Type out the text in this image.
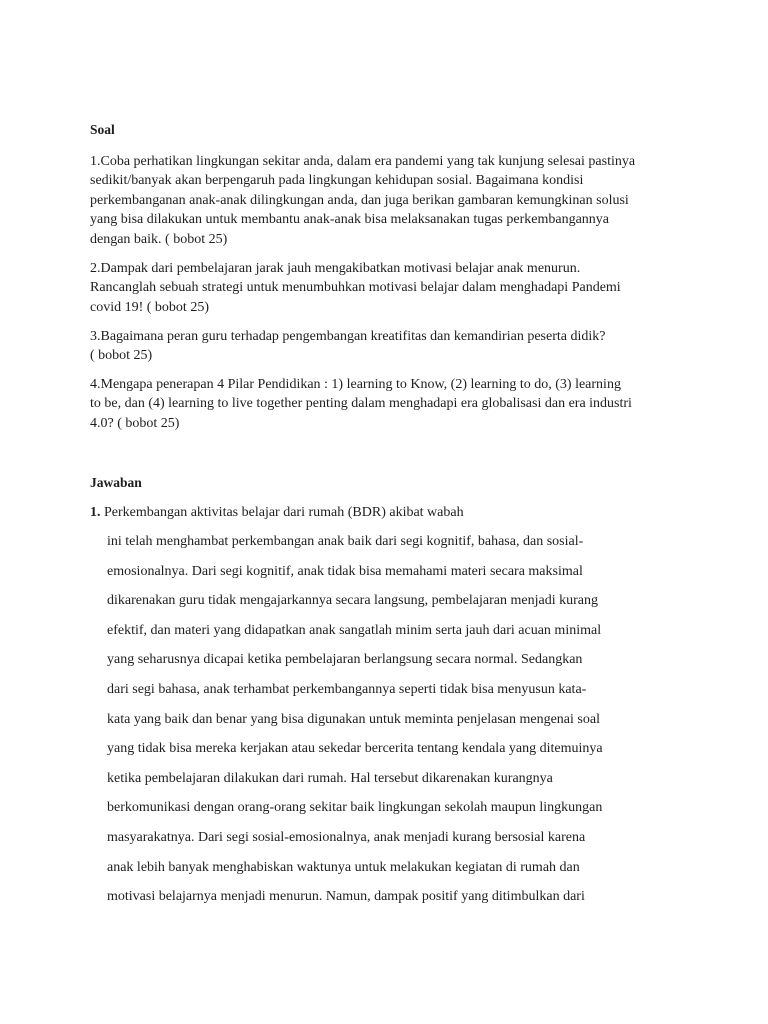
Soal

1.Coba perhatikan lingkungan sekitar anda, dalam era pandemi yang tak kunjung selesai pastinya
sedikit/banyak akan berpengaruh pada lingkungan kehidupan sosial. Bagaimana kondisi
perkembanganan anak-anak dilingkungan anda, dan juga berikan gambaran kemungkinan solusi
yang bisa dilakukan untuk membantu anak-anak bisa melaksanakan tugas perkembangannya
dengan baik. ( bobot 25)

2.Dampak dari pembelajaran jarak jauh mengakibatkan motivasi belajar anak menurun.
Rancanglah sebuah strategi untuk menumbuhkan motivasi belajar dalam menghadapi Pandemi
covid 19! ( bobot 25)

3.Bagaimana peran guru terhadap pengembangan kreatifitas dan kemandirian peserta didik?
( bobot 25)

4.Mengapa penerapan 4 Pilar Pendidikan : 1) learning to Know, (2) learning to do, (3) learning
to be, dan (4) learning to live together penting dalam menghadapi era globalisasi dan era industri
4.0? ( bobot 25)

Jawaban
1. Perkembangan aktivitas belajar dari rumah (BDR) akibat wabah
ini telah menghambat perkembangan anak baik dari segi kognitif, bahasa, dan sosial-
emosionalnya. Dari segi kognitif, anak tidak bisa memahami materi secara maksimal
dikarenakan guru tidak mengajarkannya secara langsung, pembelajaran menjadi kurang
efektif, dan materi yang didapatkan anak sangatlah minim serta jauh dari acuan minimal
yang seharusnya dicapai ketika pembelajaran berlangsung secara normal. Sedangkan
dari segi bahasa, anak terhambat perkembangannya seperti tidak bisa menyusun kata-
kata yang baik dan benar yang bisa digunakan untuk meminta penjelasan mengenai soal
yang tidak bisa mereka kerjakan atau sekedar bercerita tentang kendala yang ditemuinya
ketika pembelajaran dilakukan dari rumah. Hal tersebut dikarenakan kurangnya
berkomunikasi dengan orang-orang sekitar baik lingkungan sekolah maupun lingkungan
masyarakatnya. Dari segi sosial-emosionalnya, anak menjadi kurang bersosial karena
anak lebih banyak menghabiskan waktunya untuk melakukan kegiatan di rumah dan
motivasi belajarnya menjadi menurun. Namun, dampak positif yang ditimbulkan dari
